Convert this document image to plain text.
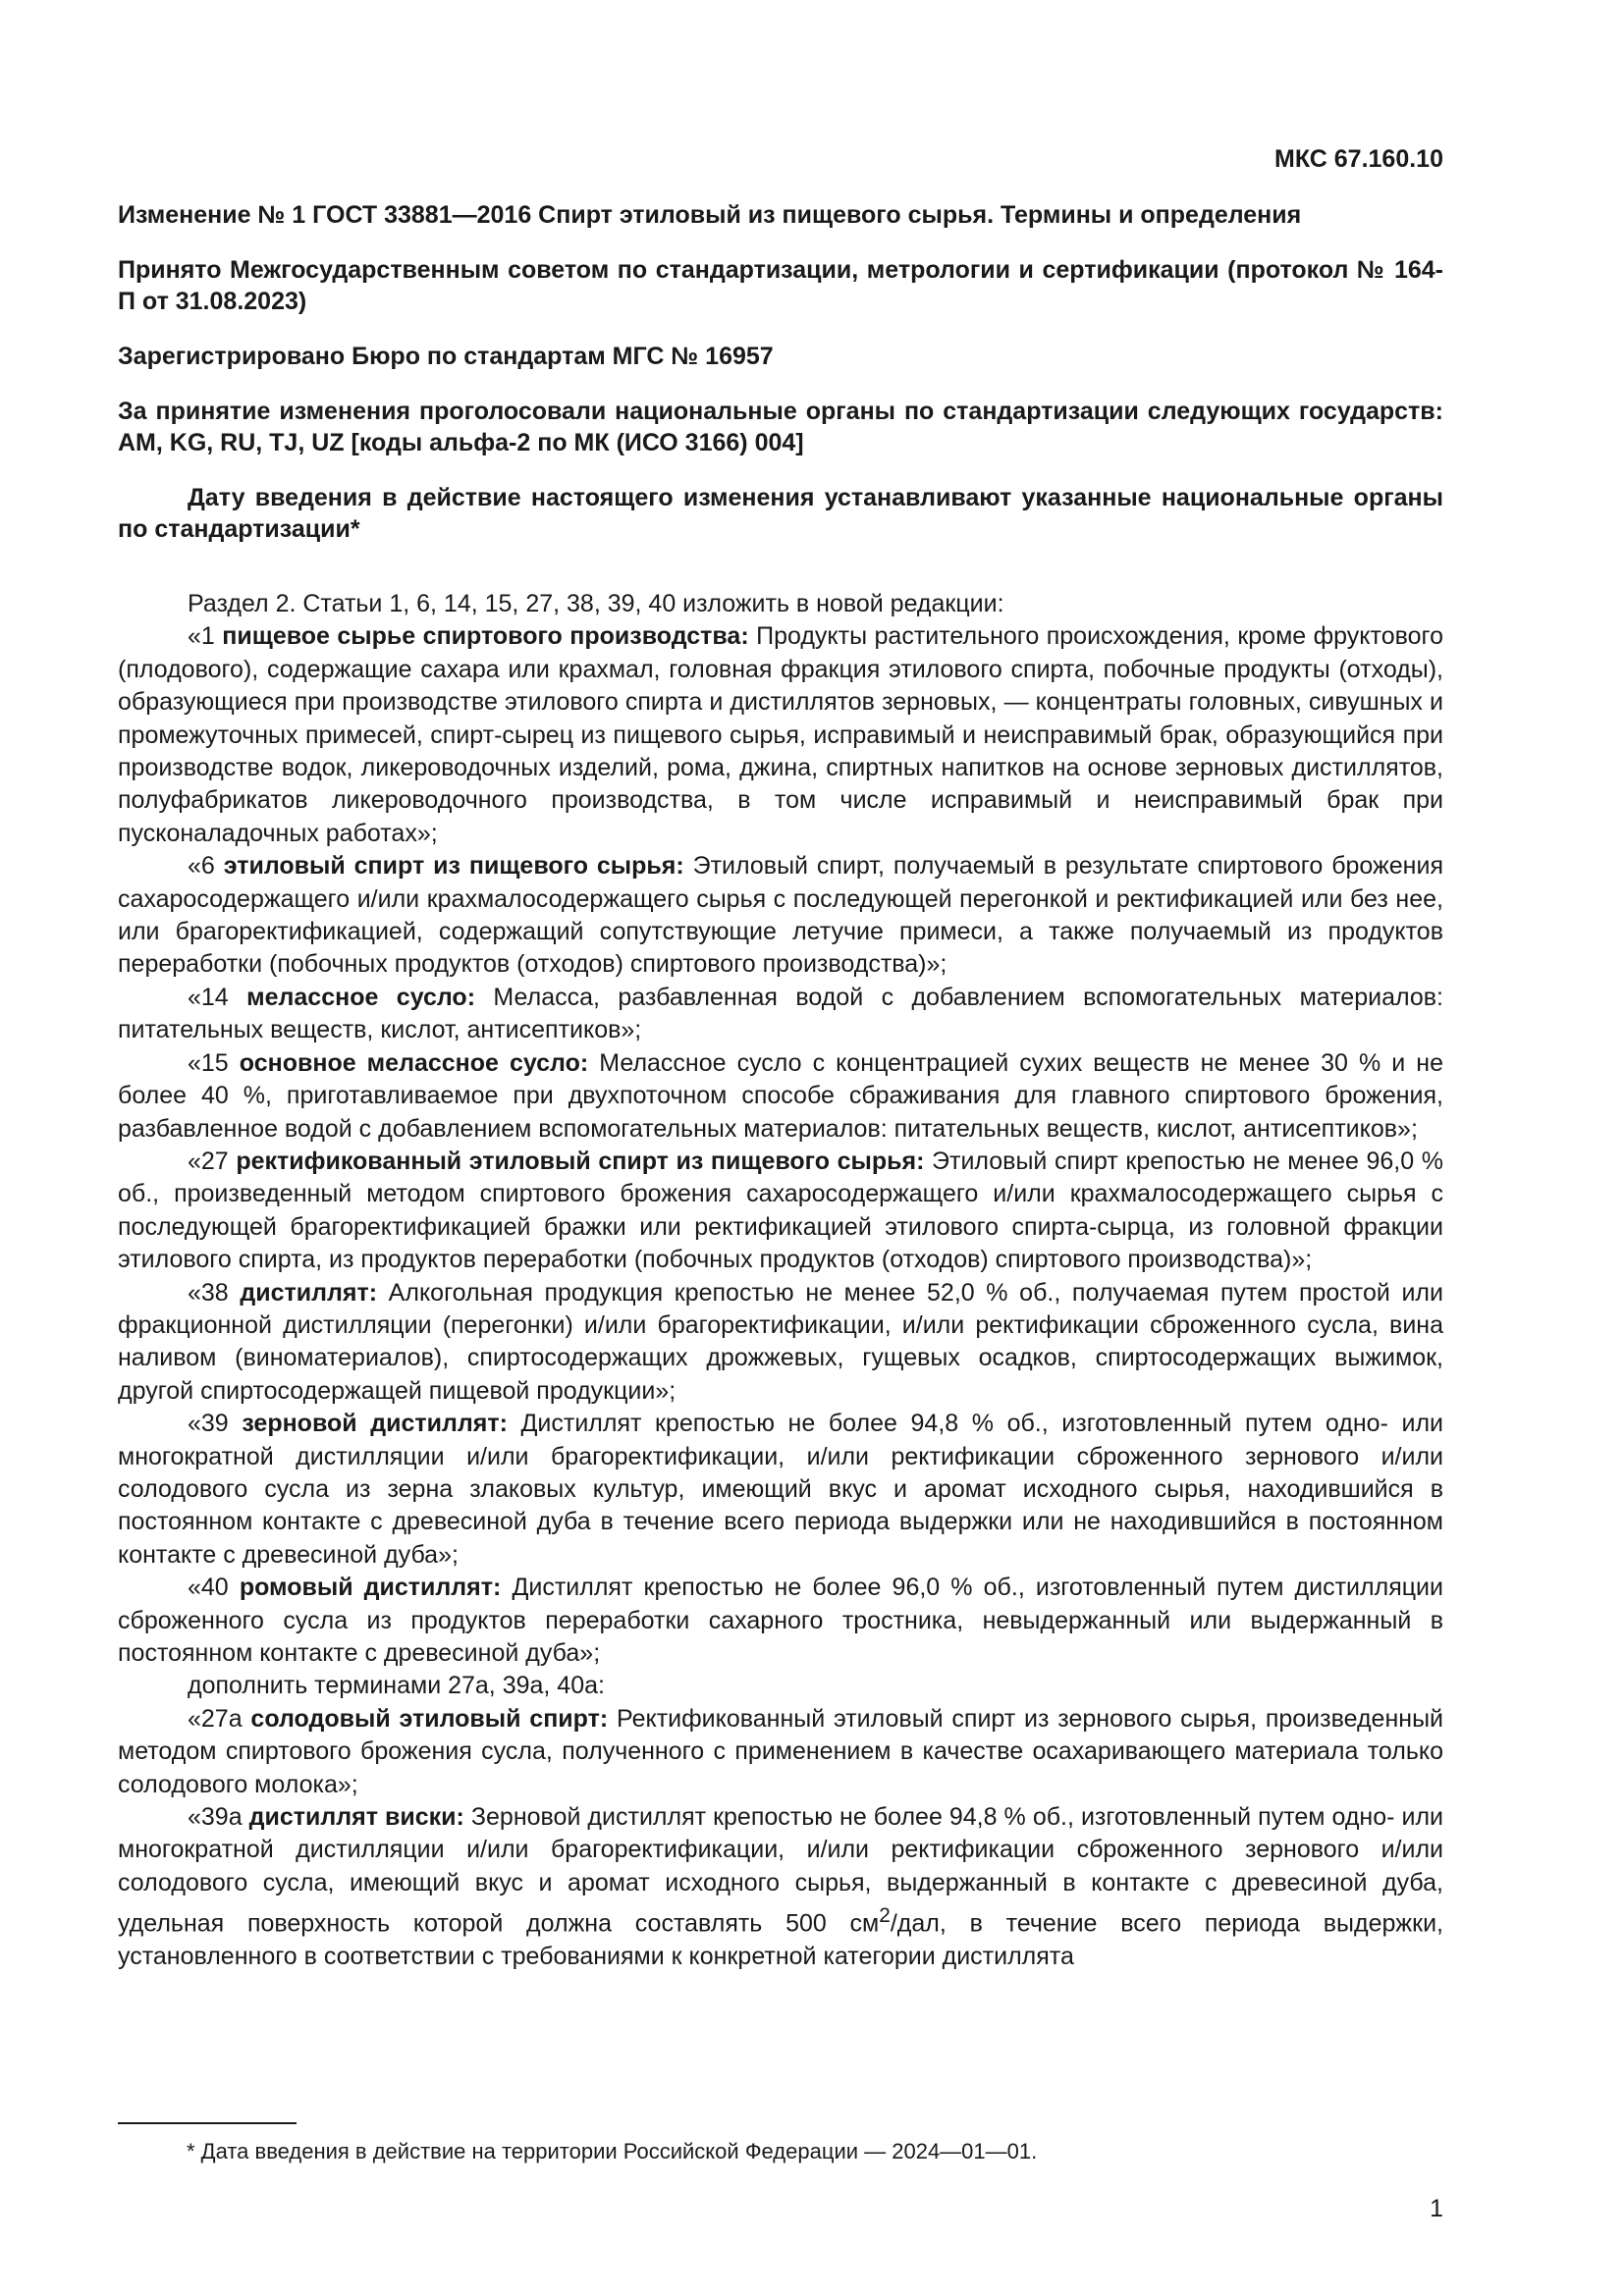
МКС 67.160.10
Изменение № 1 ГОСТ 33881—2016 Спирт этиловый из пищевого сырья. Термины и определения
Принято Межгосударственным советом по стандартизации, метрологии и сертификации (протокол № 164-П от 31.08.2023)
Зарегистрировано Бюро по стандартам МГС № 16957
За принятие изменения проголосовали национальные органы по стандартизации следующих государств: AM, KG, RU, TJ, UZ [коды альфа-2 по МК (ИСО 3166) 004]
Дату введения в действие настоящего изменения устанавливают указанные национальные органы по стандартизации*

Раздел 2. Статьи 1, 6, 14, 15, 27, 38, 39, 40 изложить в новой редакции:

«1 пищевое сырье спиртового производства: Продукты растительного происхождения, кроме фруктового (плодового), содержащие сахара или крахмал, головная фракция этилового спирта, побочные продукты (отходы), образующиеся при производстве этилового спирта и дистиллятов зерновых, — концентраты головных, сивушных и промежуточных примесей, спирт-сырец из пищевого сырья, исправимый и неисправимый брак, образующийся при производстве водок, ликероводочных изделий, рома, джина, спиртных напитков на основе зерновых дистиллятов, полуфабрикатов ликероводочного производства, в том числе исправимый и неисправимый брак при пусконаладочных работах»;

«6 этиловый спирт из пищевого сырья: Этиловый спирт, получаемый в результате спиртового брожения сахаросодержащего и/или крахмалосодержащего сырья с последующей перегонкой и ректификацией или без нее, или брагоректификацией, содержащий сопутствующие летучие примеси, а также получаемый из продуктов переработки (побочных продуктов (отходов) спиртового производства)»;

«14 мелассное сусло: Меласса, разбавленная водой с добавлением вспомогательных материалов: питательных веществ, кислот, антисептиков»;

«15 основное мелассное сусло: Мелассное сусло с концентрацией сухих веществ не менее 30 % и не более 40 %, приготавливаемое при двухпоточном способе сбраживания для главного спиртового брожения, разбавленное водой с добавлением вспомогательных материалов: питательных веществ, кислот, антисептиков»;

«27 ректификованный этиловый спирт из пищевого сырья: Этиловый спирт крепостью не менее 96,0 % об., произведенный методом спиртового брожения сахаросодержащего и/или крахмалосодержащего сырья с последующей брагоректификацией бражки или ректификацией этилового спирта-сырца, из головной фракции этилового спирта, из продуктов переработки (побочных продуктов (отходов) спиртового производства)»;

«38 дистиллят: Алкогольная продукция крепостью не менее 52,0 % об., получаемая путем простой или фракционной дистилляции (перегонки) и/или брагоректификации, и/или ректификации сброженного сусла, вина наливом (виноматериалов), спиртосодержащих дрожжевых, гущевых осадков, спиртосодержащих выжимок, другой спиртосодержащей пищевой продукции»;

«39 зерновой дистиллят: Дистиллят крепостью не более 94,8 % об., изготовленный путем одно- или многократной дистилляции и/или брагоректификации, и/или ректификации сброженного зернового и/или солодового сусла из зерна злаковых культур, имеющий вкус и аромат исходного сырья, находившийся в постоянном контакте с древесиной дуба в течение всего периода выдержки или не находившийся в постоянном контакте с древесиной дуба»;

«40 ромовый дистиллят: Дистиллят крепостью не более 96,0 % об., изготовленный путем дистилляции сброженного сусла из продуктов переработки сахарного тростника, невыдержанный или выдержанный в постоянном контакте с древесиной дуба»;

дополнить терминами 27а, 39а, 40а:

«27а солодовый этиловый спирт: Ректификованный этиловый спирт из зернового сырья, произведенный методом спиртового брожения сусла, полученного с применением в качестве осахаривающего материала только солодового молока»;

«39а дистиллят виски: Зерновой дистиллят крепостью не более 94,8 % об., изготовленный путем одно- или многократной дистилляции и/или брагоректификации, и/или ректификации сброженного зернового и/или солодового сусла, имеющий вкус и аромат исходного сырья, выдержанный в контакте с древесиной дуба, удельная поверхность которой должна составлять 500 $см^2$/дал, в течение всего периода выдержки, установленного в соответствии с требованиями к конкретной категории дистиллята

* Дата введения в действие на территории Российской Федерации — 2024—01—01.
1
